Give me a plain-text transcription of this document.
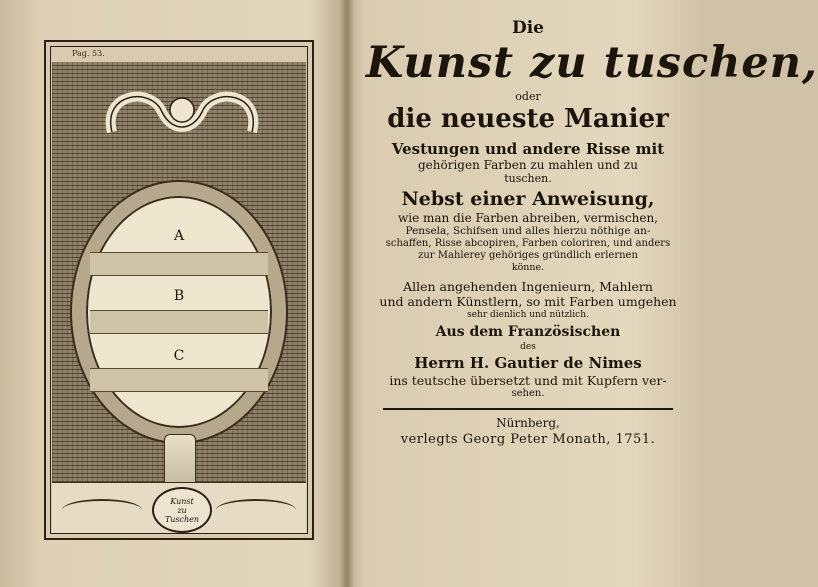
Pag. 53.
A
B
C
Kunst
zu
Tuschen
Die
Kunst zu tuschen,
oder
die neueste Manier
Vestungen und andere Risse mit
gehörigen Farben zu mahlen und zu
tuschen.
Nebst einer Anweisung,
wie man die Farben abreiben, vermischen,
Pensela, Schifsen und alles hierzu nöthige an-
schaffen, Risse abcopiren, Farben coloriren, und anders
zur Mahlerey gehöriges gründlich erlernen
könne.
Allen angehenden Ingenieurn, Mahlern
und andern Künstlern, so mit Farben umgehen
sehr dienlich und nützlich.
Aus dem Französischen
des
Herrn H. Gautier de Nimes
ins teutsche übersetzt und mit Kupfern ver-
sehen.
Nürnberg,
verlegts Georg Peter Monath, 1751.
